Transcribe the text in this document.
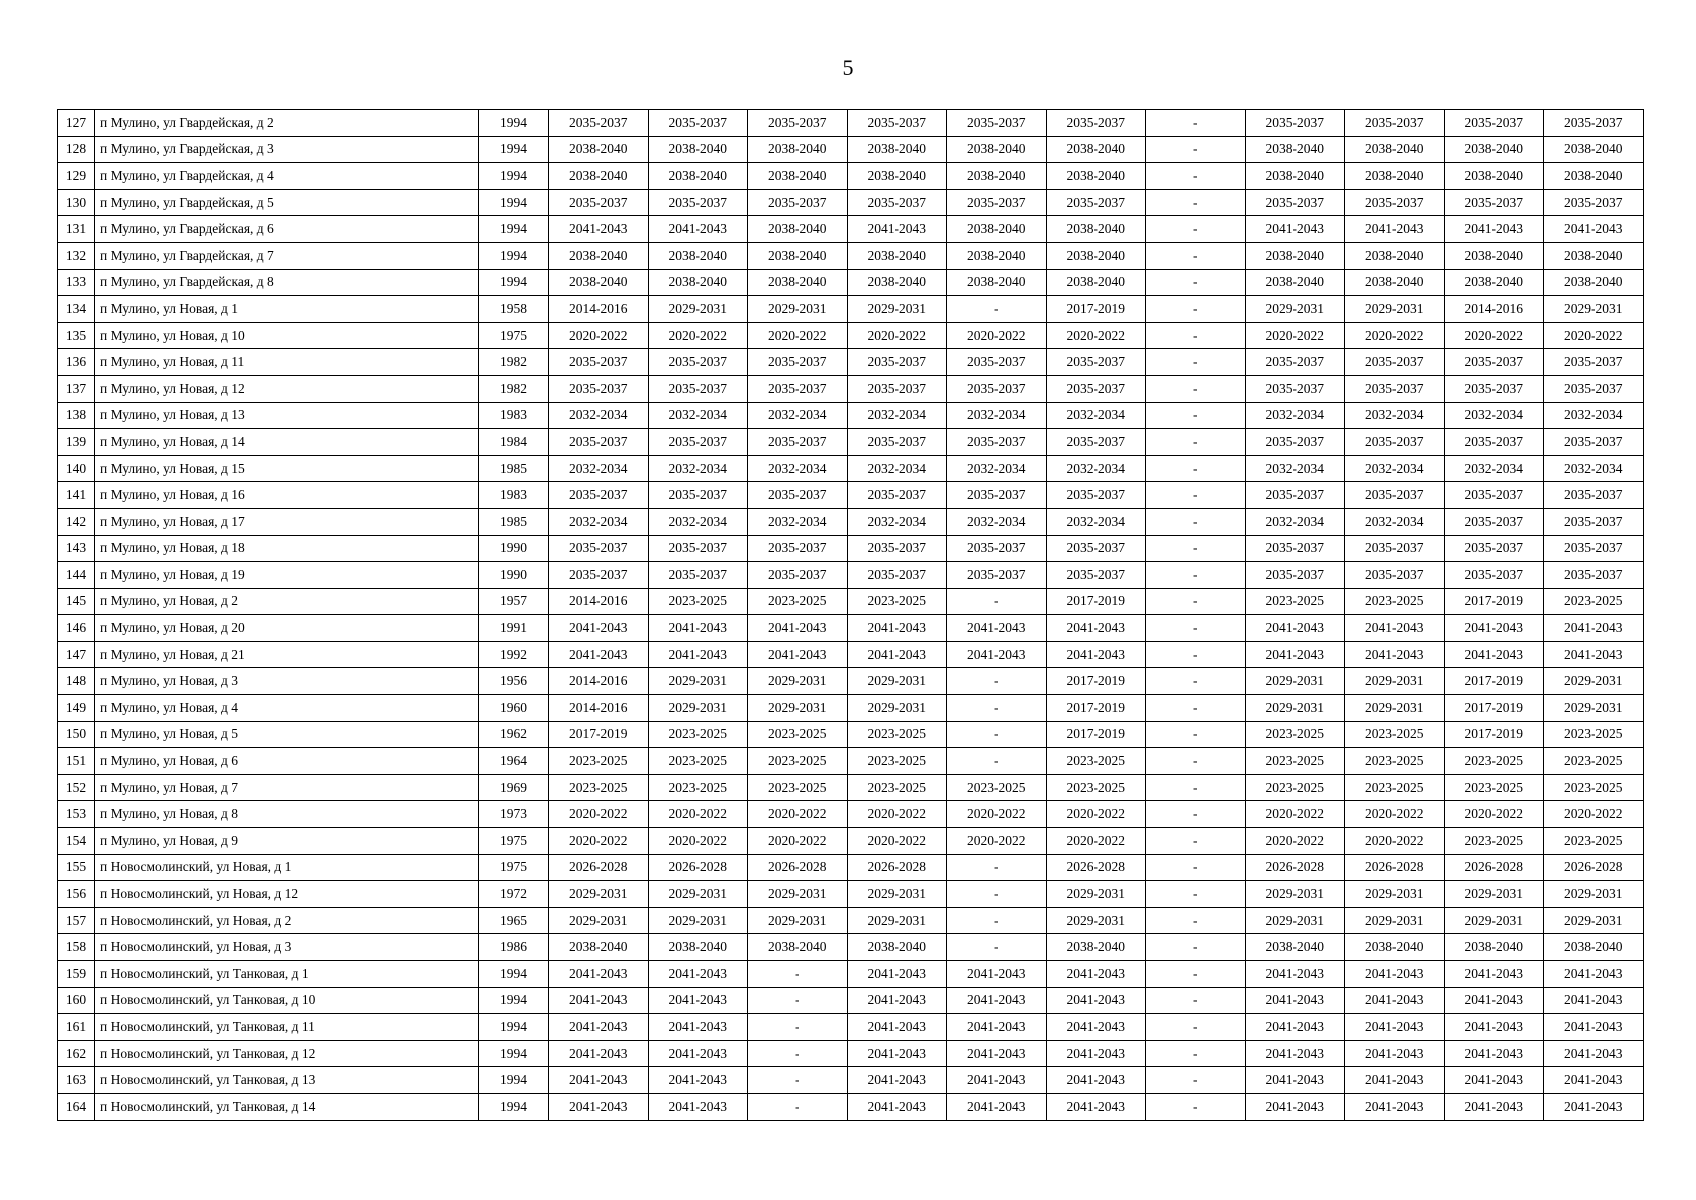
5
127	п Мулино, ул Гвардейская, д 2	1994	2035-2037	2035-2037	2035-2037	2035-2037	2035-2037	2035-2037	-	2035-2037	2035-2037	2035-2037	2035-2037
128	п Мулино, ул Гвардейская, д 3	1994	2038-2040	2038-2040	2038-2040	2038-2040	2038-2040	2038-2040	-	2038-2040	2038-2040	2038-2040	2038-2040
129	п Мулино, ул Гвардейская, д 4	1994	2038-2040	2038-2040	2038-2040	2038-2040	2038-2040	2038-2040	-	2038-2040	2038-2040	2038-2040	2038-2040
130	п Мулино, ул Гвардейская, д 5	1994	2035-2037	2035-2037	2035-2037	2035-2037	2035-2037	2035-2037	-	2035-2037	2035-2037	2035-2037	2035-2037
131	п Мулино, ул Гвардейская, д 6	1994	2041-2043	2041-2043	2038-2040	2041-2043	2038-2040	2038-2040	-	2041-2043	2041-2043	2041-2043	2041-2043
132	п Мулино, ул Гвардейская, д 7	1994	2038-2040	2038-2040	2038-2040	2038-2040	2038-2040	2038-2040	-	2038-2040	2038-2040	2038-2040	2038-2040
133	п Мулино, ул Гвардейская, д 8	1994	2038-2040	2038-2040	2038-2040	2038-2040	2038-2040	2038-2040	-	2038-2040	2038-2040	2038-2040	2038-2040
134	п Мулино, ул Новая, д 1	1958	2014-2016	2029-2031	2029-2031	2029-2031	-	2017-2019	-	2029-2031	2029-2031	2014-2016	2029-2031
135	п Мулино, ул Новая, д 10	1975	2020-2022	2020-2022	2020-2022	2020-2022	2020-2022	2020-2022	-	2020-2022	2020-2022	2020-2022	2020-2022
136	п Мулино, ул Новая, д 11	1982	2035-2037	2035-2037	2035-2037	2035-2037	2035-2037	2035-2037	-	2035-2037	2035-2037	2035-2037	2035-2037
137	п Мулино, ул Новая, д 12	1982	2035-2037	2035-2037	2035-2037	2035-2037	2035-2037	2035-2037	-	2035-2037	2035-2037	2035-2037	2035-2037
138	п Мулино, ул Новая, д 13	1983	2032-2034	2032-2034	2032-2034	2032-2034	2032-2034	2032-2034	-	2032-2034	2032-2034	2032-2034	2032-2034
139	п Мулино, ул Новая, д 14	1984	2035-2037	2035-2037	2035-2037	2035-2037	2035-2037	2035-2037	-	2035-2037	2035-2037	2035-2037	2035-2037
140	п Мулино, ул Новая, д 15	1985	2032-2034	2032-2034	2032-2034	2032-2034	2032-2034	2032-2034	-	2032-2034	2032-2034	2032-2034	2032-2034
141	п Мулино, ул Новая, д 16	1983	2035-2037	2035-2037	2035-2037	2035-2037	2035-2037	2035-2037	-	2035-2037	2035-2037	2035-2037	2035-2037
142	п Мулино, ул Новая, д 17	1985	2032-2034	2032-2034	2032-2034	2032-2034	2032-2034	2032-2034	-	2032-2034	2032-2034	2035-2037	2035-2037
143	п Мулино, ул Новая, д 18	1990	2035-2037	2035-2037	2035-2037	2035-2037	2035-2037	2035-2037	-	2035-2037	2035-2037	2035-2037	2035-2037
144	п Мулино, ул Новая, д 19	1990	2035-2037	2035-2037	2035-2037	2035-2037	2035-2037	2035-2037	-	2035-2037	2035-2037	2035-2037	2035-2037
145	п Мулино, ул Новая, д 2	1957	2014-2016	2023-2025	2023-2025	2023-2025	-	2017-2019	-	2023-2025	2023-2025	2017-2019	2023-2025
146	п Мулино, ул Новая, д 20	1991	2041-2043	2041-2043	2041-2043	2041-2043	2041-2043	2041-2043	-	2041-2043	2041-2043	2041-2043	2041-2043
147	п Мулино, ул Новая, д 21	1992	2041-2043	2041-2043	2041-2043	2041-2043	2041-2043	2041-2043	-	2041-2043	2041-2043	2041-2043	2041-2043
148	п Мулино, ул Новая, д 3	1956	2014-2016	2029-2031	2029-2031	2029-2031	-	2017-2019	-	2029-2031	2029-2031	2017-2019	2029-2031
149	п Мулино, ул Новая, д 4	1960	2014-2016	2029-2031	2029-2031	2029-2031	-	2017-2019	-	2029-2031	2029-2031	2017-2019	2029-2031
150	п Мулино, ул Новая, д 5	1962	2017-2019	2023-2025	2023-2025	2023-2025	-	2017-2019	-	2023-2025	2023-2025	2017-2019	2023-2025
151	п Мулино, ул Новая, д 6	1964	2023-2025	2023-2025	2023-2025	2023-2025	-	2023-2025	-	2023-2025	2023-2025	2023-2025	2023-2025
152	п Мулино, ул Новая, д 7	1969	2023-2025	2023-2025	2023-2025	2023-2025	2023-2025	2023-2025	-	2023-2025	2023-2025	2023-2025	2023-2025
153	п Мулино, ул Новая, д 8	1973	2020-2022	2020-2022	2020-2022	2020-2022	2020-2022	2020-2022	-	2020-2022	2020-2022	2020-2022	2020-2022
154	п Мулино, ул Новая, д 9	1975	2020-2022	2020-2022	2020-2022	2020-2022	2020-2022	2020-2022	-	2020-2022	2020-2022	2023-2025	2023-2025
155	п Новосмолинский, ул Новая, д 1	1975	2026-2028	2026-2028	2026-2028	2026-2028	-	2026-2028	-	2026-2028	2026-2028	2026-2028	2026-2028
156	п Новосмолинский, ул Новая, д 12	1972	2029-2031	2029-2031	2029-2031	2029-2031	-	2029-2031	-	2029-2031	2029-2031	2029-2031	2029-2031
157	п Новосмолинский, ул Новая, д 2	1965	2029-2031	2029-2031	2029-2031	2029-2031	-	2029-2031	-	2029-2031	2029-2031	2029-2031	2029-2031
158	п Новосмолинский, ул Новая, д 3	1986	2038-2040	2038-2040	2038-2040	2038-2040	-	2038-2040	-	2038-2040	2038-2040	2038-2040	2038-2040
159	п Новосмолинский, ул Танковая, д 1	1994	2041-2043	2041-2043	-	2041-2043	2041-2043	2041-2043	-	2041-2043	2041-2043	2041-2043	2041-2043
160	п Новосмолинский, ул Танковая, д 10	1994	2041-2043	2041-2043	-	2041-2043	2041-2043	2041-2043	-	2041-2043	2041-2043	2041-2043	2041-2043
161	п Новосмолинский, ул Танковая, д 11	1994	2041-2043	2041-2043	-	2041-2043	2041-2043	2041-2043	-	2041-2043	2041-2043	2041-2043	2041-2043
162	п Новосмолинский, ул Танковая, д 12	1994	2041-2043	2041-2043	-	2041-2043	2041-2043	2041-2043	-	2041-2043	2041-2043	2041-2043	2041-2043
163	п Новосмолинский, ул Танковая, д 13	1994	2041-2043	2041-2043	-	2041-2043	2041-2043	2041-2043	-	2041-2043	2041-2043	2041-2043	2041-2043
164	п Новосмолинский, ул Танковая, д 14	1994	2041-2043	2041-2043	-	2041-2043	2041-2043	2041-2043	-	2041-2043	2041-2043	2041-2043	2041-2043
